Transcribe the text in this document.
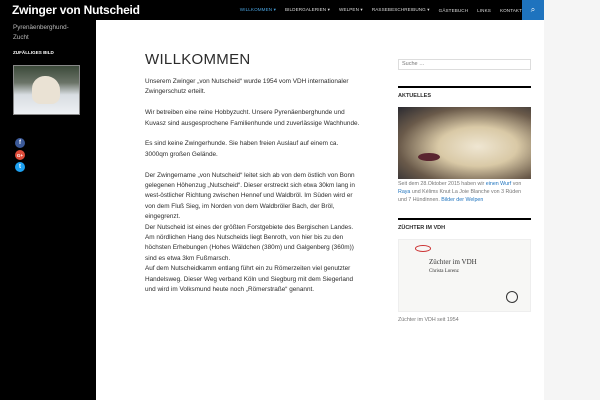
Zwinger von Nutscheid	WILLKOMMEN ▾ BILDERGALERIEN ▾ WELPEN ▾ RASSEBESCHREIBUNG ▾ GÄSTEBUCH LINKS KONTAKT ⌕
Pyrenäenberghund-Zucht
ZUFÄLLIGES BILD
f
G+
t
WILLKOMMEN

Unserem Zwinger „von Nutscheid“ wurde 1954 vom VDH internationaler Zwingerschutz erteilt.

Wir betreiben eine reine Hobbyzucht. Unsere Pyrenäenberghunde und Kuvasz sind ausgesprochene Familienhunde und zuverlässige Wachhunde.

Es sind keine Zwingerhunde. Sie haben freien Auslauf auf einem ca. 3000qm großen Gelände.

Der Zwingername „von Nutscheid“ leitet sich ab von dem östlich von Bonn gelegenen Höhenzug „Nutscheid“. Dieser erstreckt sich etwa 30km lang in west-östlicher Richtung zwischen Hennef und Waldbröl. Im Süden wird er von dem Fluß Sieg, im Norden von dem Waldbröler Bach, der Bröl, eingegrenzt.
Der Nutscheid ist eines der größten Forstgebiete des Bergischen Landes.
Am nördlichen Hang des Nutscheids liegt Benroth, von hier bis zu den höchsten Erhebungen (Hohes Wäldchen (380m) und Galgenberg (360m)) sind es etwa 3km Fußmarsch.
Auf dem Nutscheidkamm entlang führt ein zu Römerzeiten viel genutzter Handelsweg. Dieser Weg verband Köln und Siegburg mit dem Siegerland und wird im Volksmund heute noch „Römerstraße“ genannt.
Suche …
AKTUELLES
Seit dem 28.Oktober 2015 haben wir einen Wurf von Raya und Kélims Knut La Joie Blanche von 3 Rüden und 7 Hündinnen. Bilder der Welpen
ZÜCHTER IM VDH
Züchter im VDH
Christa Lorenz
Züchter im VDH seit 1954
